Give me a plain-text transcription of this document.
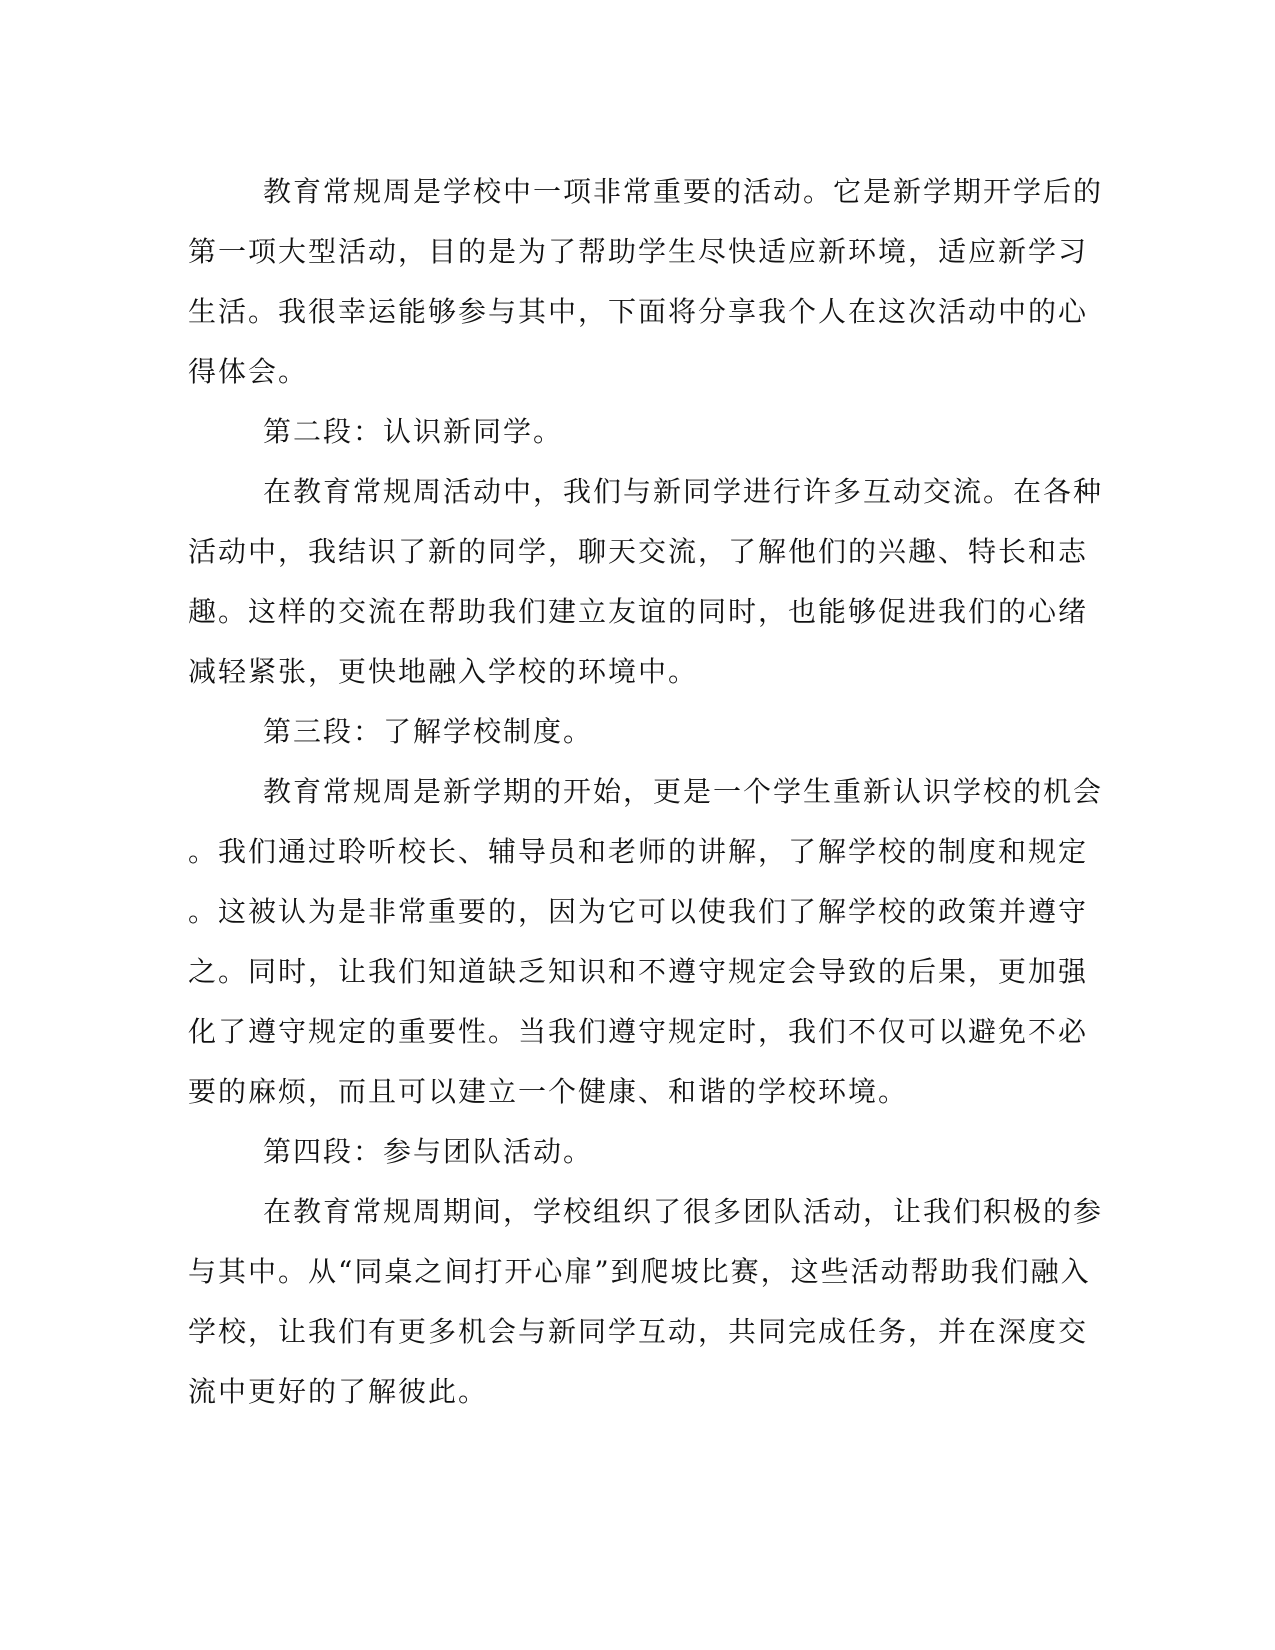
教育常规周是学校中一项非常重要的活动。它是新学期开学后的
第一项大型活动，目的是为了帮助学生尽快适应新环境，适应新学习
生活。我很幸运能够参与其中，下面将分享我个人在这次活动中的心
得体会。
第二段：认识新同学。
在教育常规周活动中，我们与新同学进行许多互动交流。在各种
活动中，我结识了新的同学，聊天交流，了解他们的兴趣、特长和志
趣。这样的交流在帮助我们建立友谊的同时，也能够促进我们的心绪
减轻紧张，更快地融入学校的环境中。
第三段：了解学校制度。
教育常规周是新学期的开始，更是一个学生重新认识学校的机会
。我们通过聆听校长、辅导员和老师的讲解，了解学校的制度和规定
。这被认为是非常重要的，因为它可以使我们了解学校的政策并遵守
之。同时，让我们知道缺乏知识和不遵守规定会导致的后果，更加强
化了遵守规定的重要性。当我们遵守规定时，我们不仅可以避免不必
要的麻烦，而且可以建立一个健康、和谐的学校环境。
第四段：参与团队活动。
在教育常规周期间，学校组织了很多团队活动，让我们积极的参
与其中。从“同桌之间打开心扉”到爬坡比赛，这些活动帮助我们融入
学校，让我们有更多机会与新同学互动，共同完成任务，并在深度交
流中更好的了解彼此。
